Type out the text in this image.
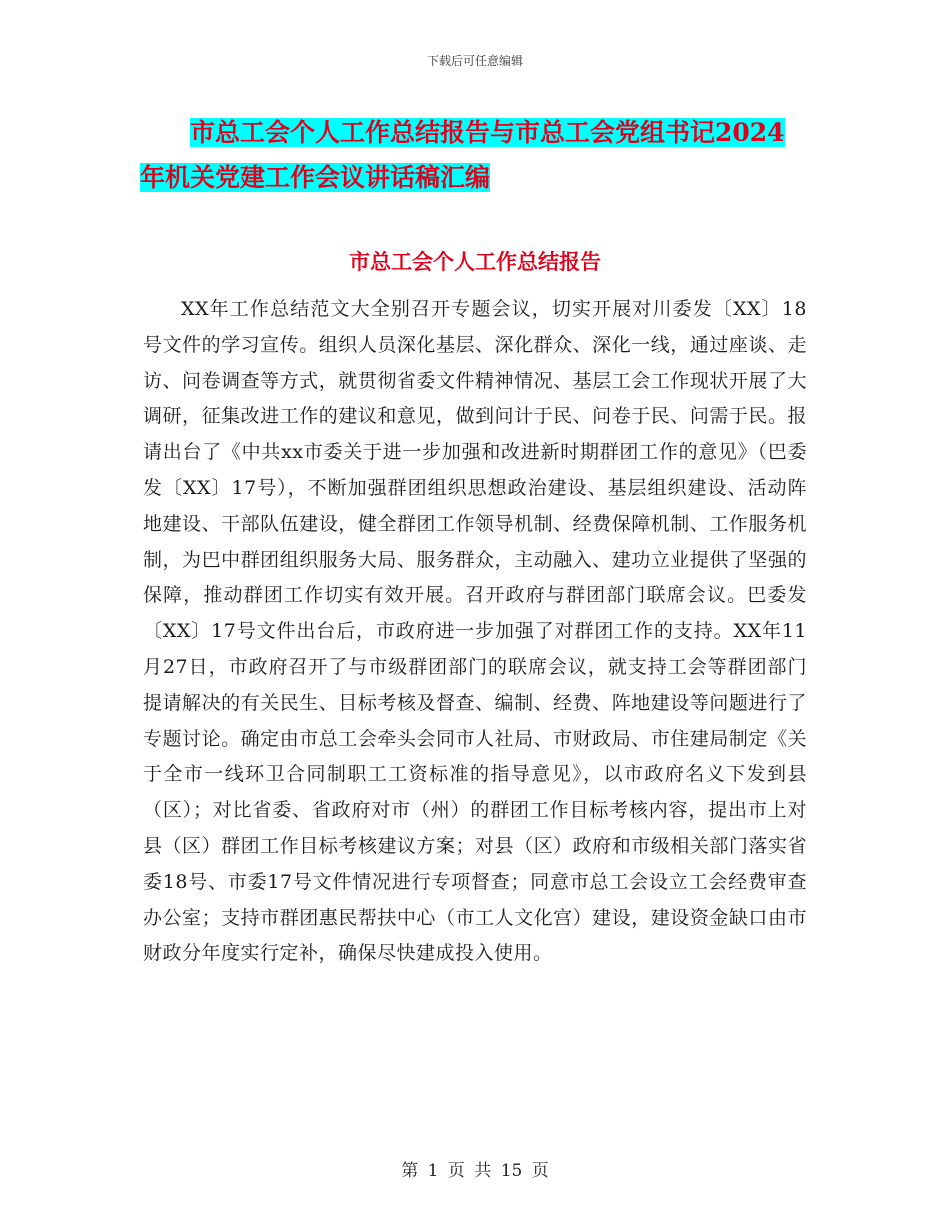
下载后可任意编辑
市总工会个人工作总结报告与市总工会党组书记2024
年机关党建工作会议讲话稿汇编
市总工会个人工作总结报告

XX年工作总结范文大全别召开专题会议，切实开展对川委发〔XX〕18号文件的学习宣传。组织人员深化基层、深化群众、深化一线，通过座谈、走访、问卷调查等方式，就贯彻省委文件精神情况、基层工会工作现状开展了大调研，征集改进工作的建议和意见，做到问计于民、问卷于民、问需于民。报请出台了《中共xx市委关于进一步加强和改进新时期群团工作的意见》（巴委发〔XX〕17号），不断加强群团组织思想政治建设、基层组织建设、活动阵地建设、干部队伍建设，健全群团工作领导机制、经费保障机制、工作服务机制，为巴中群团组织服务大局、服务群众，主动融入、建功立业提供了坚强的保障，推动群团工作切实有效开展。召开政府与群团部门联席会议。巴委发〔XX〕17号文件出台后，市政府进一步加强了对群团工作的支持。XX年11月27日，市政府召开了与市级群团部门的联席会议，就支持工会等群团部门提请解决的有关民生、目标考核及督查、编制、经费、阵地建设等问题进行了专题讨论。确定由市总工会牵头会同市人社局、市财政局、市住建局制定《关于全市一线环卫合同制职工工资标准的指导意见》，以市政府名义下发到县（区）；对比省委、省政府对市（州）的群团工作目标考核内容，提出市上对县（区）群团工作目标考核建议方案；对县（区）政府和市级相关部门落实省委18号、市委17号文件情况进行专项督查；同意市总工会设立工会经费审查办公室；支持市群团惠民帮扶中心（市工人文化宫）建设，建设资金缺口由市财政分年度实行定补，确保尽快建成投入使用。

第 1 页 共 15 页
